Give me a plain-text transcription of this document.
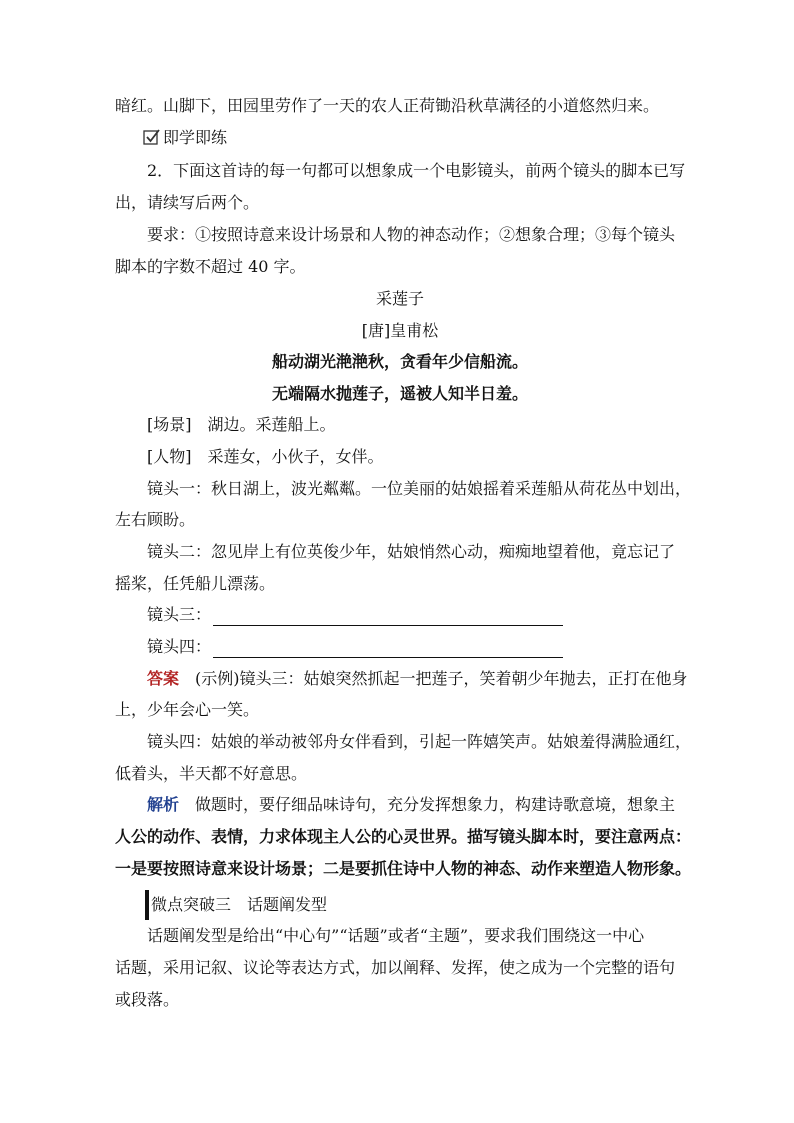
暗红。山脚下，田园里劳作了一天的农人正荷锄沿秋草满径的小道悠然归来。
即学即练
2．下面这首诗的每一句都可以想象成一个电影镜头，前两个镜头的脚本已写
出，请续写后两个。
要求：①按照诗意来设计场景和人物的神态动作；②想象合理；③每个镜头
脚本的字数不超过 40 字。
采莲子
[唐]皇甫松
船动湖光滟滟秋，贪看年少信船流。
无端隔水抛莲子，遥被人知半日羞。
[场景]　湖边。采莲船上。
[人物]　采莲女，小伙子，女伴。
镜头一：秋日湖上，波光粼粼。一位美丽的姑娘摇着采莲船从荷花丛中划出，
左右顾盼。
镜头二：忽见岸上有位英俊少年，姑娘悄然心动，痴痴地望着他，竟忘记了
摇桨，任凭船儿漂荡。
镜头三：
镜头四：
答案　(示例)镜头三：姑娘突然抓起一把莲子，笑着朝少年抛去，正打在他身
上，少年会心一笑。
镜头四：姑娘的举动被邻舟女伴看到，引起一阵嬉笑声。姑娘羞得满脸通红，
低着头，半天都不好意思。
解析　做题时，要仔细品味诗句，充分发挥想象力，构建诗歌意境，想象主
人公的动作、表情，力求体现主人公的心灵世界。描写镜头脚本时，要注意两点：
一是要按照诗意来设计场景；二是要抓住诗中人物的神态、动作来塑造人物形象。
微点突破三　话题阐发型
话题阐发型是给出“中心句”“话题”或者“主题”，要求我们围绕这一中心
话题，采用记叙、议论等表达方式，加以阐释、发挥，使之成为一个完整的语句
或段落。
